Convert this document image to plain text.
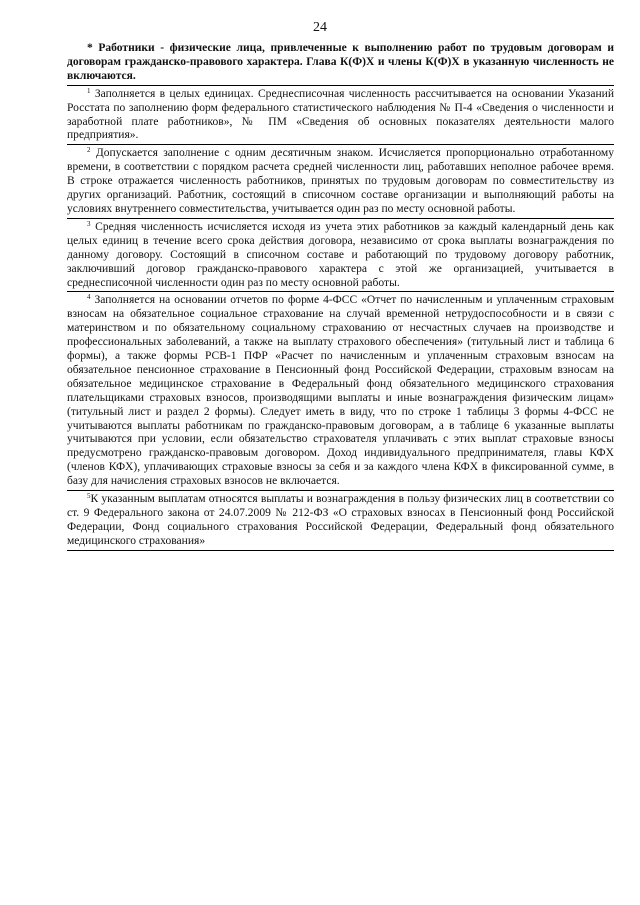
24

* Работники - физические лица, привлеченные к выполнению работ по трудовым договорам и договорам гражданско-правового характера. Глава К(Ф)Х и члены К(Ф)Х в указанную численность не включаются.

$^1$ Заполняется в целых единицах. Среднесписочная численность рассчитывается на основании Указаний Росстата по заполнению форм федерального статистического наблюдения № П-4 «Сведения о численности и заработной плате работников», № ПМ «Сведения об основных показателях деятельности малого предприятия».

$^2$ Допускается заполнение с одним десятичным знаком. Исчисляется пропорционально отработанному времени, в соответствии с порядком расчета средней численности лиц, работавших неполное рабочее время. В строке отражается численность работников, принятых по трудовым договорам по совместительству из других организаций. Работник, состоящий в списочном составе организации и выполняющий работы на условиях внутреннего совместительства, учитывается один раз по месту основной работы.

$^3$ Средняя численность исчисляется исходя из учета этих работников за каждый календарный день как целых единиц в течение всего срока действия договора, независимо от срока выплаты вознаграждения по данному договору. Состоящий в списочном составе и работающий по трудовому договору работник, заключивший договор гражданско-правового характера с этой же организацией, учитывается в среднесписочной численности один раз по месту основной работы.

$^4$ Заполняется на основании отчетов по форме 4-ФСС «Отчет по начисленным и уплаченным страховым взносам на обязательное социальное страхование на случай временной нетрудоспособности и в связи с материнством и по обязательному социальному страхованию от несчастных случаев на производстве и профессиональных заболеваний, а также на выплату страхового обеспечения» (титульный лист и таблица 6 формы), а также формы РСВ-1 ПФР «Расчет по начисленным и уплаченным страховым взносам на обязательное пенсионное страхование в Пенсионный фонд Российской Федерации, страховым взносам на обязательное медицинское страхование в Федеральный фонд обязательного медицинского страхования плательщиками страховых взносов, производящими выплаты и иные вознаграждения физическим лицам» (титульный лист и раздел 2 формы). Следует иметь в виду, что по строке 1 таблицы 3 формы 4-ФСС не учитываются выплаты работникам по гражданско-правовым договорам, а в таблице 6 указанные выплаты учитываются при условии, если обязательство страхователя уплачивать с этих выплат страховые взносы предусмотрено гражданско-правовым договором. Доход индивидуального предпринимателя, главы КФХ (членов КФХ), уплачивающих страховые взносы за себя и за каждого члена КФХ в фиксированной сумме, в базу для начисления страховых взносов не включается.

$^5$К указанным выплатам относятся выплаты и вознаграждения в пользу физических лиц в соответствии со ст. 9 Федерального закона от 24.07.2009 № 212-ФЗ «О страховых взносах в Пенсионный фонд Российской Федерации, Фонд социального страхования Российской Федерации, Федеральный фонд обязательного медицинского страхования»
